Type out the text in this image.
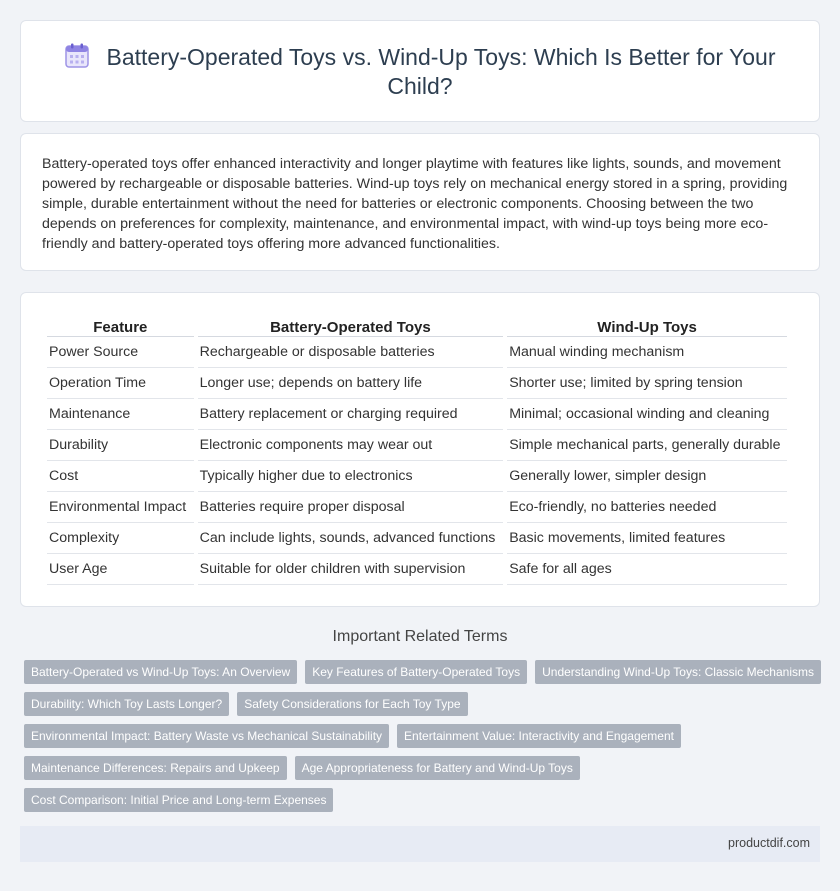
Battery-Operated Toys vs. Wind-Up Toys: Which Is Better for Your Child?

Battery-operated toys offer enhanced interactivity and longer playtime with features like lights, sounds, and movement powered by rechargeable or disposable batteries. Wind-up toys rely on mechanical energy stored in a spring, providing simple, durable entertainment without the need for batteries or electronic components. Choosing between the two depends on preferences for complexity, maintenance, and environmental impact, with wind-up toys being more eco-friendly and battery-operated toys offering more advanced functionalities.

Feature	Battery-Operated Toys	Wind-Up Toys
Power Source	Rechargeable or disposable batteries	Manual winding mechanism
Operation Time	Longer use; depends on battery life	Shorter use; limited by spring tension
Maintenance	Battery replacement or charging required	Minimal; occasional winding and cleaning
Durability	Electronic components may wear out	Simple mechanical parts, generally durable
Cost	Typically higher due to electronics	Generally lower, simpler design
Environmental Impact	Batteries require proper disposal	Eco-friendly, no batteries needed
Complexity	Can include lights, sounds, advanced functions	Basic movements, limited features
User Age	Suitable for older children with supervision	Safe for all ages
Important Related Terms
Battery-Operated vs Wind-Up Toys: An Overview	Key Features of Battery-Operated Toys	Understanding Wind-Up Toys: Classic Mechanisms
Durability: Which Toy Lasts Longer?	Safety Considerations for Each Toy Type
Environmental Impact: Battery Waste vs Mechanical Sustainability	Entertainment Value: Interactivity and Engagement
Maintenance Differences: Repairs and Upkeep	Age Appropriateness for Battery and Wind-Up Toys
Cost Comparison: Initial Price and Long-term Expenses
productdif.com
